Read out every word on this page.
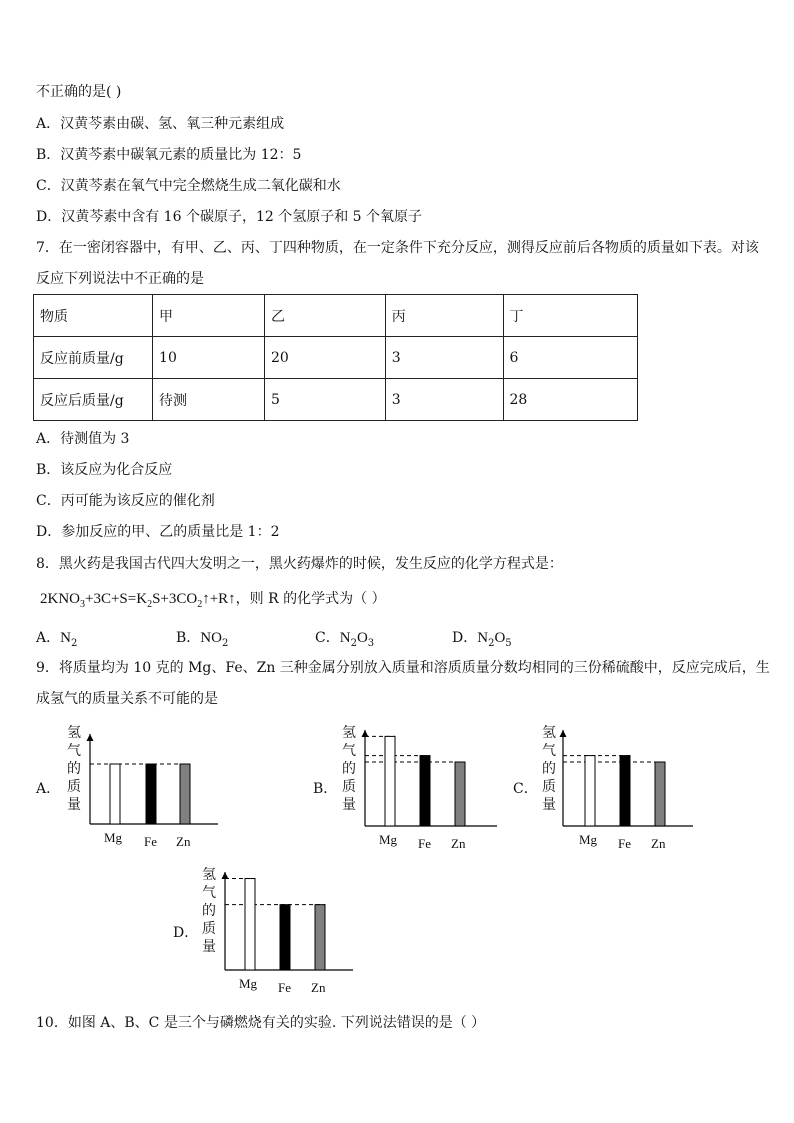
不正确的是( )
A．汉黄芩素由碳、氢、氧三种元素组成
B．汉黄芩素中碳氧元素的质量比为 12：5
C．汉黄芩素在氧气中完全燃烧生成二氧化碳和水
D．汉黄芩素中含有 16 个碳原子，12 个氢原子和 5 个氧原子
7．在一密闭容器中，有甲、乙、丙、丁四种物质，在一定条件下充分反应，测得反应前后各物质的质量如下表。对该
反应下列说法中不正确的是
物质	甲	乙	丙	丁
反应前质量/g	10	20	3	6
反应后质量/g	待测	5	3	28
A．待测值为 3
B．该反应为化合反应
C．丙可能为该反应的催化剂
D．参加反应的甲、乙的质量比是 1：2
8．黑火药是我国古代四大发明之一，黑火药爆炸的时候，发生反应的化学方程式是：
$2KNO_3+3C+S=K_2S+3CO_2↑+R↑$，则 R 的化学式为（ ）
A．$N_2$	B．$NO_2$	C．$N_2O_3$	D．$N_2O_5$
9．将质量均为 10 克的 Mg、Fe、Zn 三种金属分别放入质量和溶质质量分数均相同的三份稀硫酸中，反应完成后，生
成氢气的质量关系不可能的是
A．
氢
气
的
质
量
Mg Fe Zn
B．
氢
气
的
质
量
Mg Fe Zn
C．
氢
气
的
质
量
Mg Fe Zn
D．
氢
气
的
质
量
Mg Fe Zn
10．如图 A、B、C 是三个与磷燃烧有关的实验. 下列说法错误的是（ ）
